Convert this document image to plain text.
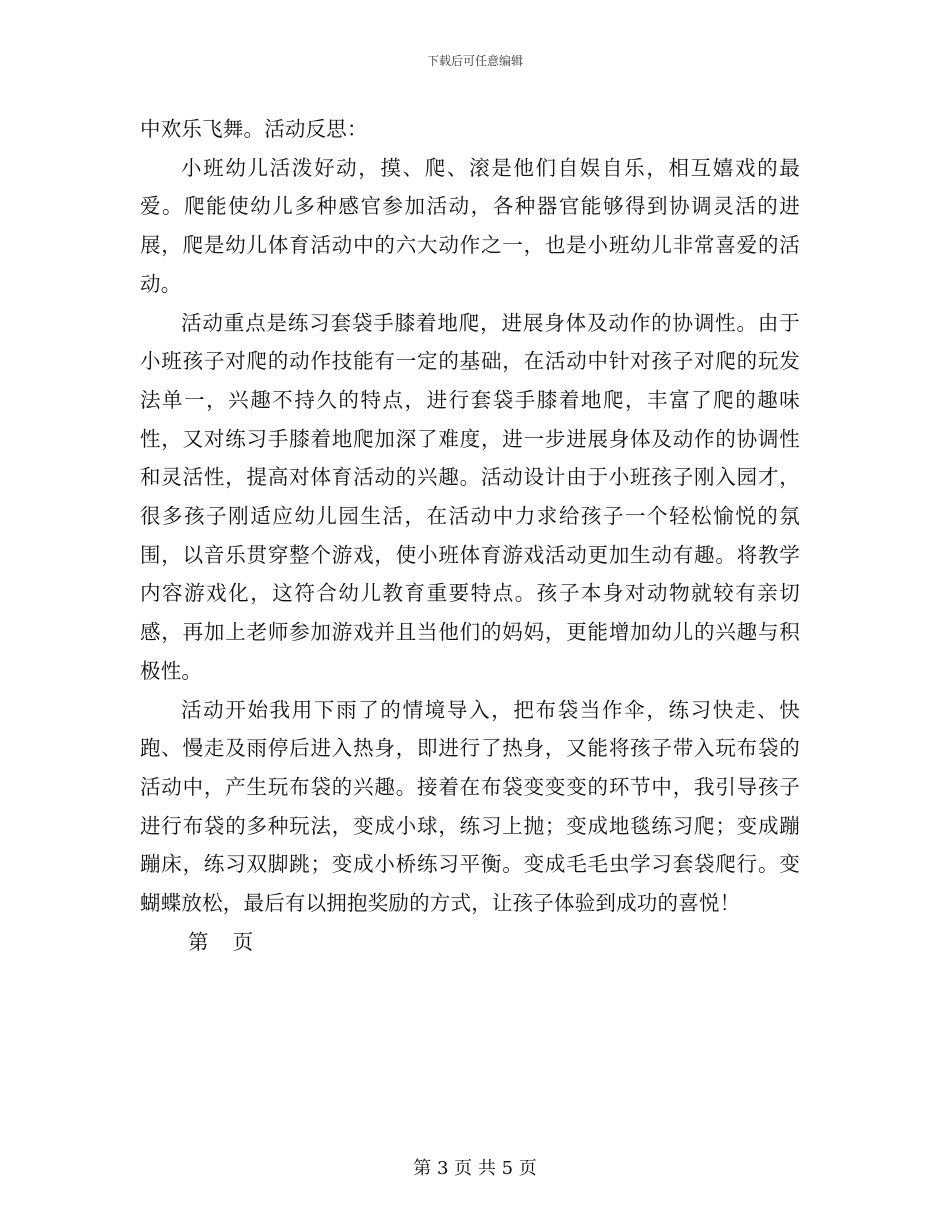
下载后可任意编辑

中欢乐飞舞。活动反思：

小班幼儿活泼好动，摸、爬、滚是他们自娱自乐，相互嬉戏的最爱。爬能使幼儿多种感官参加活动，各种器官能够得到协调灵活的进展，爬是幼儿体育活动中的六大动作之一，也是小班幼儿非常喜爱的活动。

活动重点是练习套袋手膝着地爬，进展身体及动作的协调性。由于小班孩子对爬的动作技能有一定的基础，在活动中针对孩子对爬的玩发法单一，兴趣不持久的特点，进行套袋手膝着地爬，丰富了爬的趣味性，又对练习手膝着地爬加深了难度，进一步进展身体及动作的协调性和灵活性，提高对体育活动的兴趣。活动设计由于小班孩子刚入园才，很多孩子刚适应幼儿园生活，在活动中力求给孩子一个轻松愉悦的氛围，以音乐贯穿整个游戏，使小班体育游戏活动更加生动有趣。将教学内容游戏化，这符合幼儿教育重要特点。孩子本身对动物就较有亲切感，再加上老师参加游戏并且当他们的妈妈，更能增加幼儿的兴趣与积极性。

活动开始我用下雨了的情境导入，把布袋当作伞，练习快走、快跑、慢走及雨停后进入热身，即进行了热身，又能将孩子带入玩布袋的活动中，产生玩布袋的兴趣。接着在布袋变变变的环节中，我引导孩子进行布袋的多种玩法，变成小球，练习上抛；变成地毯练习爬；变成蹦蹦床，练习双脚跳；变成小桥练习平衡。变成毛毛虫学习套袋爬行。变蝴蝶放松，最后有以拥抱奖励的方式，让孩子体验到成功的喜悦！

第 页

第 3 页 共 5 页
